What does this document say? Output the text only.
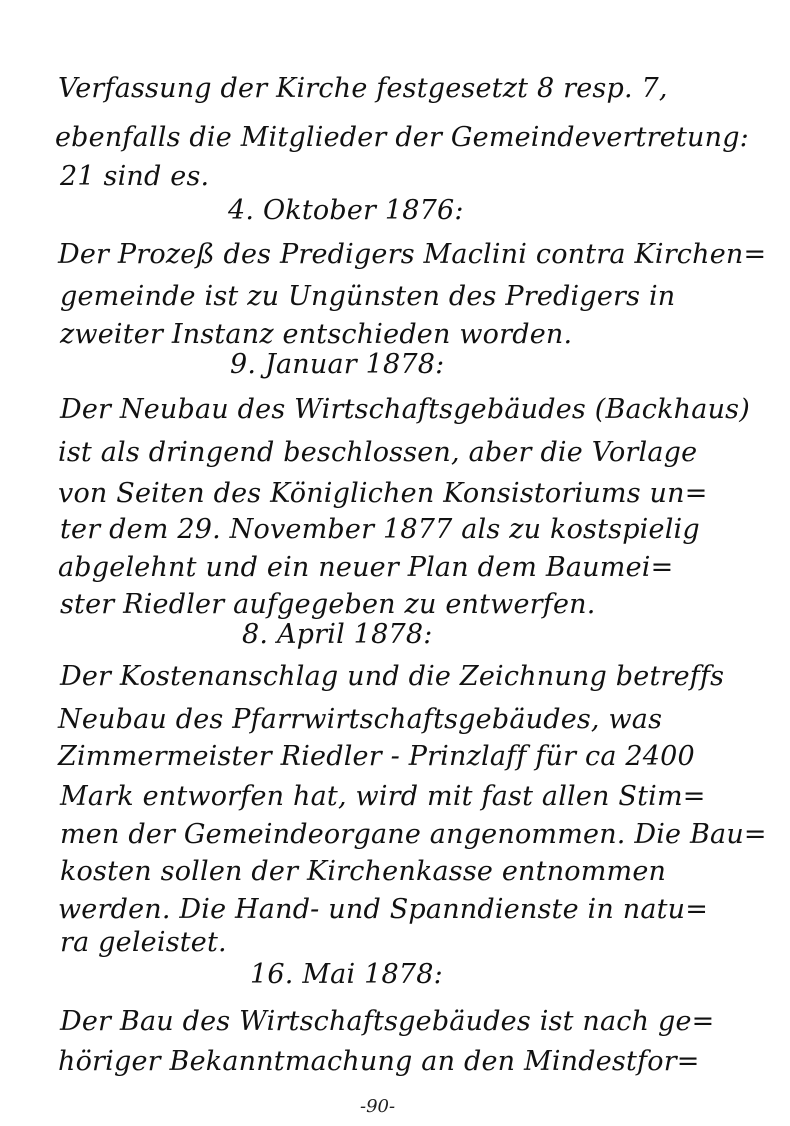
Verfassung der Kirche festgesetzt 8 resp. 7,
ebenfalls die Mitglieder der Gemeindevertretung:
21 sind es.
4. Oktober 1876:
Der Prozeß des Predigers Maclini contra Kirchen=
gemeinde ist zu Ungünsten des Predigers in
zweiter Instanz entschieden worden.
9. Januar 1878:
Der Neubau des Wirtschaftsgebäudes (Backhaus)
ist als dringend beschlossen, aber die Vorlage
von Seiten des Königlichen Konsistoriums un=
ter dem 29. November 1877 als zu kostspielig
abgelehnt und ein neuer Plan dem Baumei=
ster Riedler aufgegeben zu entwerfen.
8. April 1878:
Der Kostenanschlag und die Zeichnung betreffs
Neubau des Pfarrwirtschaftsgebäudes, was
Zimmermeister Riedler - Prinzlaff für ca 2400
Mark entworfen hat, wird mit fast allen Stim=
men der Gemeindeorgane angenommen. Die Bau=
kosten sollen der Kirchenkasse entnommen
werden. Die Hand- und Spanndienste in natu=
ra geleistet.
16. Mai 1878:
Der Bau des Wirtschaftsgebäudes ist nach ge=
höriger Bekanntmachung an den Mindestfor=
-90-
